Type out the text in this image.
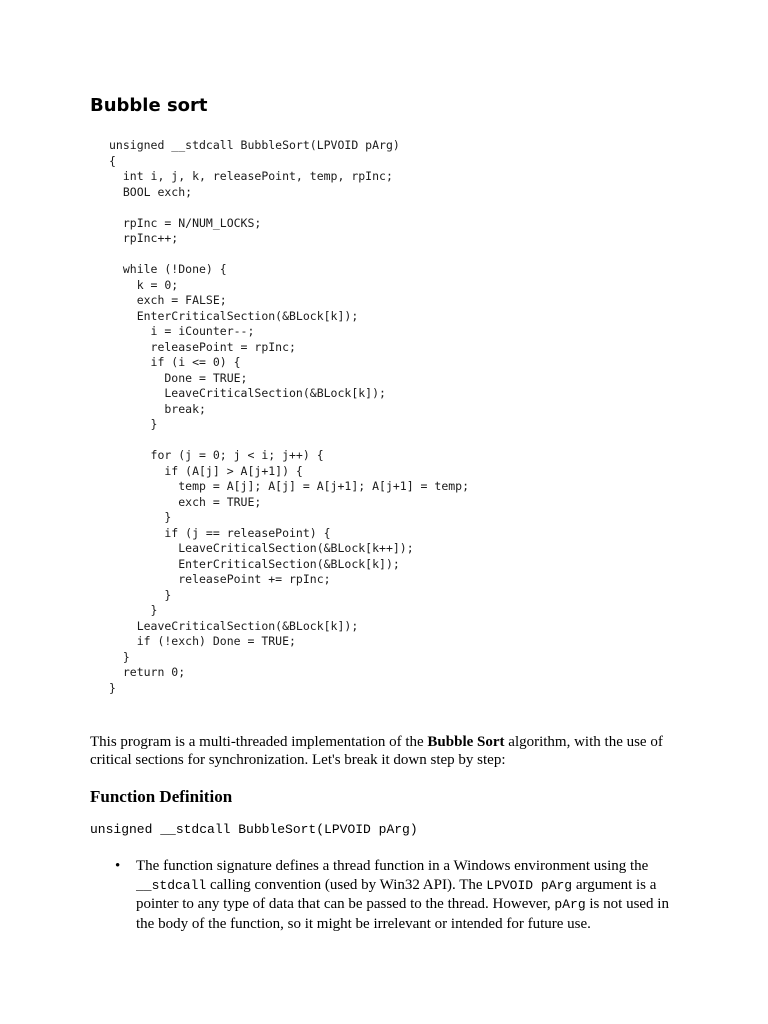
Bubble sort
unsigned __stdcall BubbleSort(LPVOID pArg)
{
int i, j, k, releasePoint, temp, rpInc;
BOOL exch;
rpInc = N/NUM_LOCKS;
rpInc++;
while (!Done) {
k = 0;
exch = FALSE;
EnterCriticalSection(&BLock[k]);
i = iCounter--;
releasePoint = rpInc;
if (i <= 0) {
Done = TRUE;
LeaveCriticalSection(&BLock[k]);
break;
}
for (j = 0; j < i; j++) {
if (A[j] > A[j+1]) {
temp = A[j]; A[j] = A[j+1]; A[j+1] = temp;
exch = TRUE;
}
if (j == releasePoint) {
LeaveCriticalSection(&BLock[k++]);
EnterCriticalSection(&BLock[k]);
releasePoint += rpInc;
}
}
LeaveCriticalSection(&BLock[k]);
if (!exch) Done = TRUE;
}
return 0;
}

This program is a multi-threaded implementation of the Bubble Sort algorithm, with the use of critical sections for synchronization. Let's break it down step by step:

Function Definition
unsigned __stdcall BubbleSort(LPVOID pArg)
• The function signature defines a thread function in a Windows environment using the __stdcall calling convention (used by Win32 API). The LPVOID pArg argument is a pointer to any type of data that can be passed to the thread. However, pArg is not used in the body of the function, so it might be irrelevant or intended for future use.
